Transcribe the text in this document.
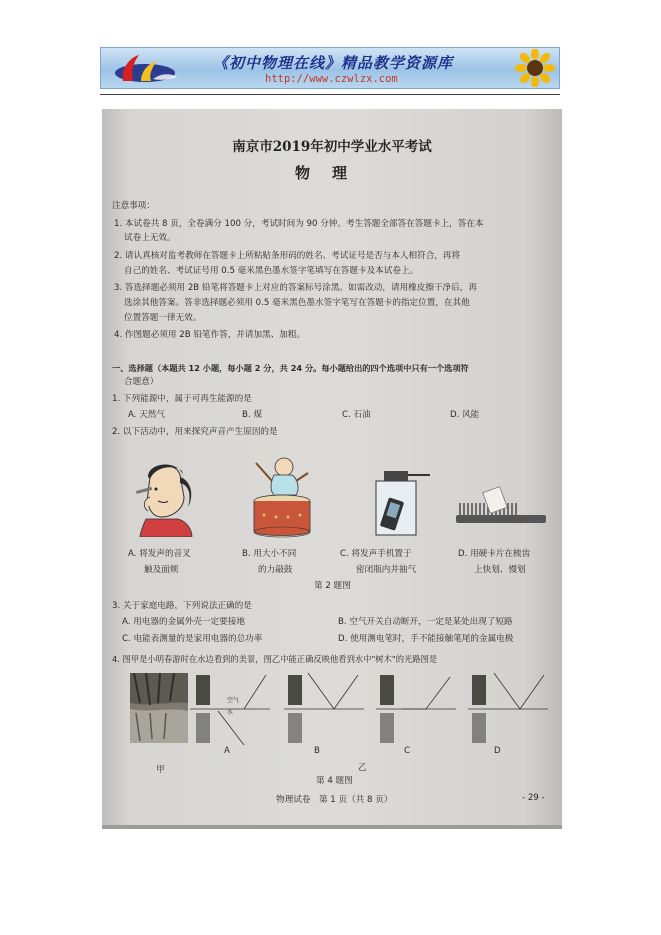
《初中物理在线》精品教学资源库
http://www.czwlzx.com
南京市2019年初中学业水平考试
物理
注意事项：
1. 本试卷共 8 页，全卷满分 100 分，考试时间为 90 分钟。考生答题全部答在答题卡上，答在本
试卷上无效。
2. 请认真核对监考教师在答题卡上所粘贴条形码的姓名、考试证号是否与本人相符合，再将
自己的姓名、考试证号用 0.5 毫米黑色墨水签字笔填写在答题卡及本试卷上。
3. 答选择题必须用 2B 铅笔将答题卡上对应的答案标号涂黑。如需改动，请用橡皮擦干净后，再
选涂其他答案。答非选择题必须用 0.5 毫米黑色墨水签字笔写在答题卡的指定位置，在其他
位置答题一律无效。
4. 作图题必须用 2B 铅笔作答，并请加黑、加粗。
一、选择题（本题共 12 小题，每小题 2 分，共 24 分。每小题给出的四个选项中只有一个选项符
合题意）
1. 下列能源中，属于可再生能源的是
A. 天然气	B. 煤	C. 石油	D. 风能
2. 以下活动中，用来探究声音产生原因的是
A. 将发声的音叉
触及面颊
B. 用大小不同
的力敲鼓
C. 将发声手机置于
密闭瓶内并抽气
D. 用硬卡片在梳齿
上快划、慢划
第 2 题图
3. 关于家庭电路，下列说法正确的是
A. 用电器的金属外壳一定要接地	B. 空气开关自动断开，一定是某处出现了短路
C. 电能表测量的是家用电器的总功率	D. 使用测电笔时，手不能接触笔尾的金属电极
4. 图甲是小明春游时在水边看到的美景，图乙中能正确反映他看到水中"树木"的光路图是
空气
水
A	B	C	D
甲	乙
第 4 题图
物理试卷　第 1 页（共 8 页）	- 29 -
